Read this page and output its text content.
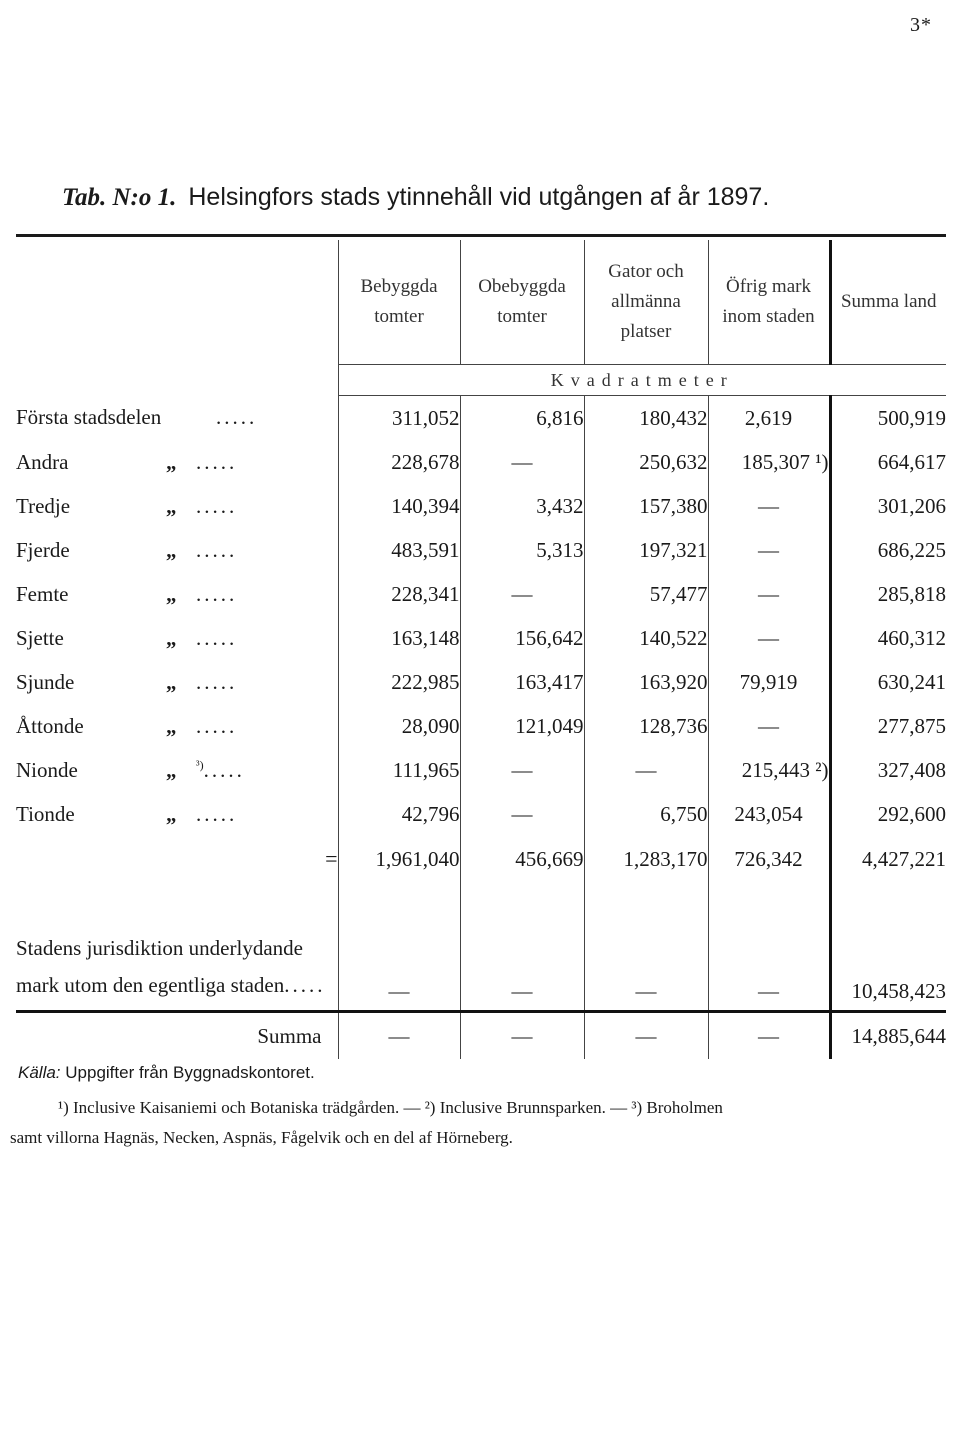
3*
Tab. N:o 1. Helsingfors stads ytinnehåll vid utgången af år 1897.
	Bebyggda tomter	Obebyggda tomter	Gator och allmänna platser	Öfrig mark inom staden	Summa land
	Kvadratmeter				
Första stadsdelen .....	311,052	6,816	180,432	2,619	500,919
Andra „ .....	228,678	—	250,632	185,307 ¹)	664,617
Tredje „ .....	140,394	3,432	157,380	—	301,206
Fjerde „ .....	483,591	5,313	197,321	—	686,225
Femte „ .....	228,341	—	57,477	—	285,818
Sjette „ .....	163,148	156,642	140,522	—	460,312
Sjunde „ .....	222,985	163,417	163,920	79,919	630,241
Åttonde „ .....	28,090	121,049	128,736	—	277,875
Nionde „ $^{^3)}$.....	111,965	—	—	215,443 ²)	327,408
Tionde „ .....	42,796	—	6,750	243,054	292,600
=	1,961,040	456,669	1,283,170	726,342	4,427,221
Stadens jurisdiktion underlydande mark utom den egentliga staden.....	—	—	—	—	10,458,423
Summa	—	—	—	—	14,885,644
Källa: Uppgifter från Byggnadskontoret.
¹) Inclusive Kaisaniemi och Botaniska trädgården. — ²) Inclusive Brunnsparken. — ³) Broholmen
samt villorna Hagnäs, Necken, Aspnäs, Fågelvik och en del af Hörneberg.
